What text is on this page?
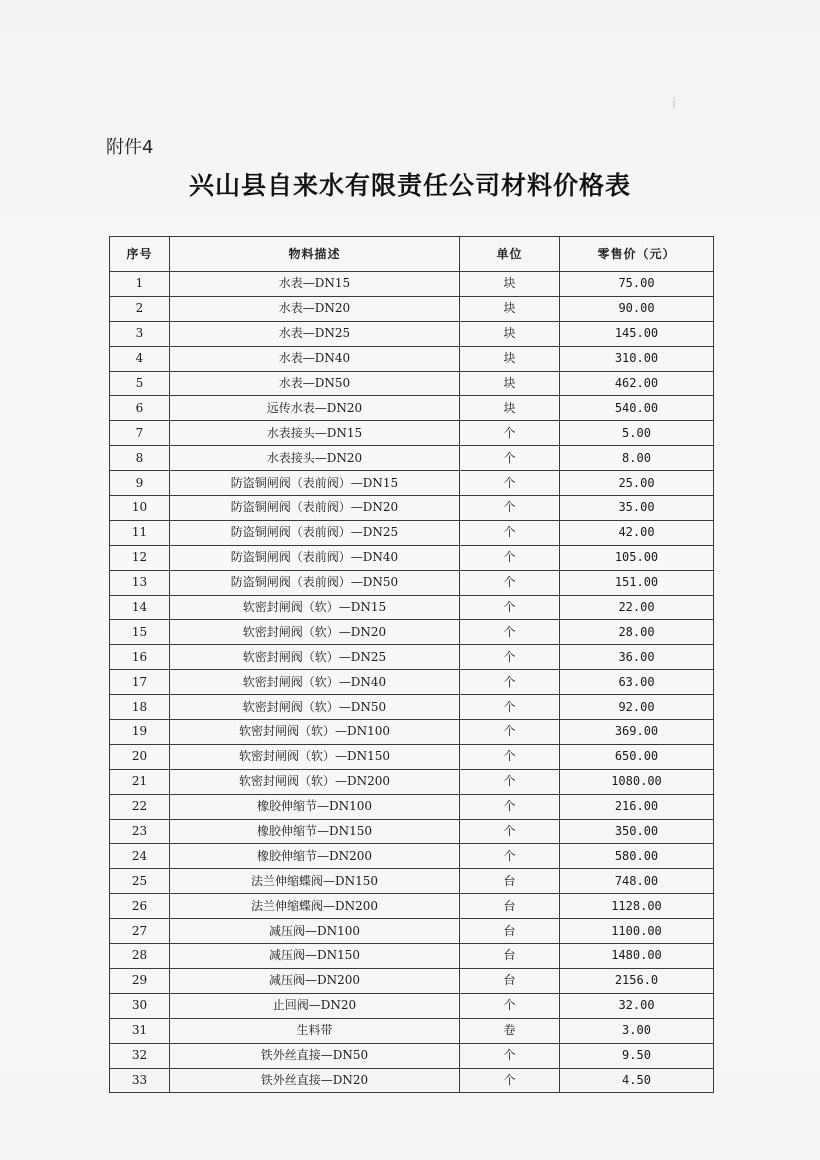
附件4
兴山县自来水有限责任公司材料价格表
ⅰ
序号	物料描述	单位	零售价（元）
1	水表—DN15	块	75.00
2	水表—DN20	块	90.00
3	水表—DN25	块	145.00
4	水表—DN40	块	310.00
5	水表—DN50	块	462.00
6	远传水表—DN20	块	540.00
7	水表接头—DN15	个	5.00
8	水表接头—DN20	个	8.00
9	防盗铜闸阀（表前阀）—DN15	个	25.00
10	防盗铜闸阀（表前阀）—DN20	个	35.00
11	防盗铜闸阀（表前阀）—DN25	个	42.00
12	防盗铜闸阀（表前阀）—DN40	个	105.00
13	防盗铜闸阀（表前阀）—DN50	个	151.00
14	软密封闸阀（软）—DN15	个	22.00
15	软密封闸阀（软）—DN20	个	28.00
16	软密封闸阀（软）—DN25	个	36.00
17	软密封闸阀（软）—DN40	个	63.00
18	软密封闸阀（软）—DN50	个	92.00
19	软密封闸阀（软）—DN100	个	369.00
20	软密封闸阀（软）—DN150	个	650.00
21	软密封闸阀（软）—DN200	个	1080.00
22	橡胶伸缩节—DN100	个	216.00
23	橡胶伸缩节—DN150	个	350.00
24	橡胶伸缩节—DN200	个	580.00
25	法兰伸缩蝶阀—DN150	台	748.00
26	法兰伸缩蝶阀—DN200	台	1128.00
27	减压阀—DN100	台	1100.00
28	减压阀—DN150	台	1480.00
29	减压阀—DN200	台	2156.0
30	止回阀—DN20	个	32.00
31	生料带	卷	3.00
32	铁外丝直接—DN50	个	9.50
33	铁外丝直接—DN20	个	4.50
